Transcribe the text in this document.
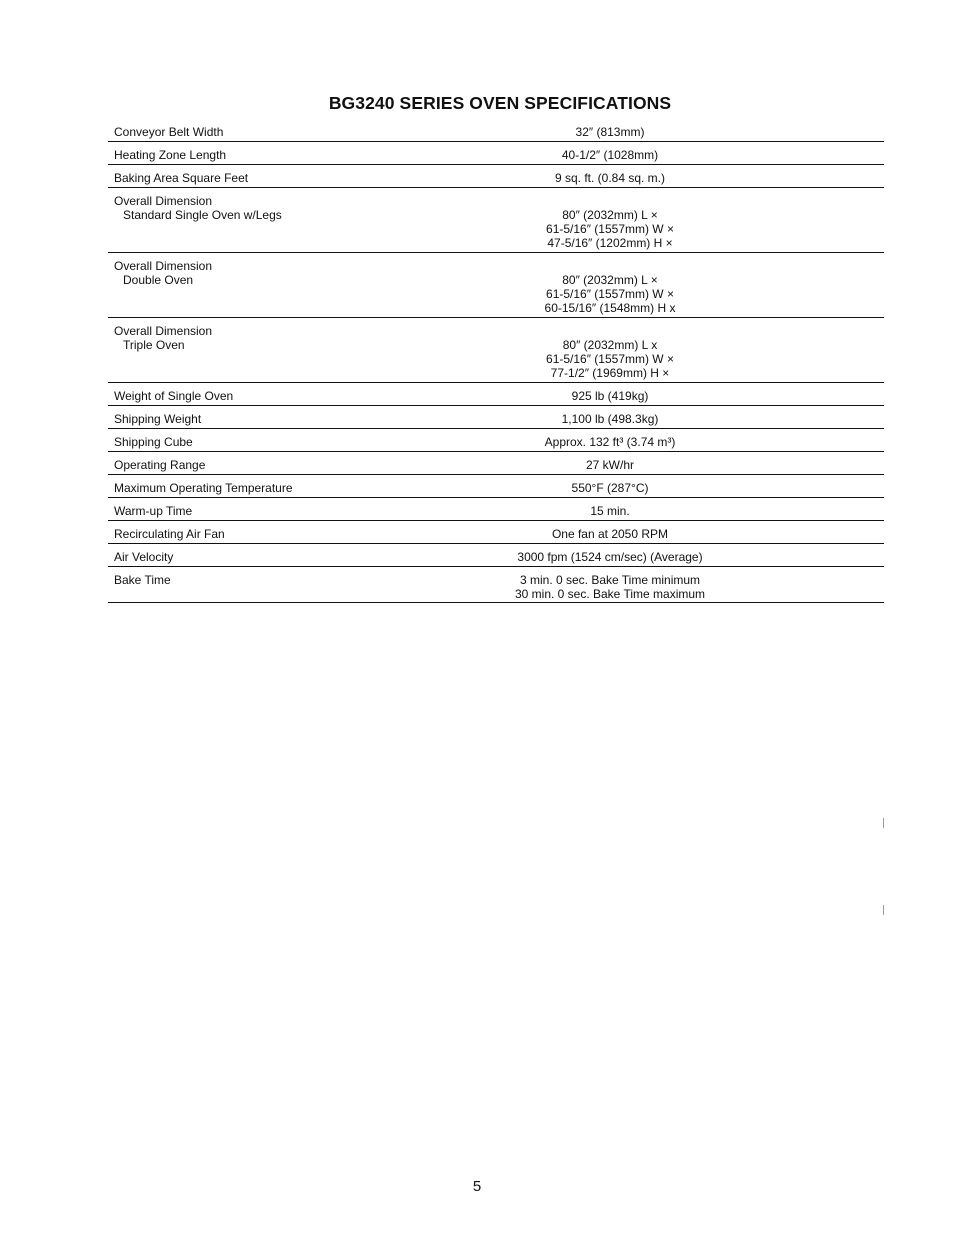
BG3240 SERIES OVEN SPECIFICATIONS
Conveyor Belt Width	32″ (813mm)
Heating Zone Length	40-1/2″ (1028mm)
Baking Area Square Feet	9 sq. ft. (0.84 sq. m.)
Overall Dimension
Standard Single Oven w/Legs	80″ (2032mm) L ×
61-5/16″ (1557mm) W ×
47-5/16″ (1202mm) H ×
Overall Dimension
Double Oven	80″ (2032mm) L ×
61-5/16″ (1557mm) W ×
60-15/16″ (1548mm) H x
Overall Dimension
Triple Oven	80″ (2032mm) L x
61-5/16″ (1557mm) W ×
77-1/2″ (1969mm) H ×
Weight of Single Oven	925 lb (419kg)
Shipping Weight	1,100 lb (498.3kg)
Shipping Cube	Approx. 132 ft³ (3.74 m³)
Operating Range	27 kW/hr
Maximum Operating Temperature	550°F (287°C)
Warm-up Time	15 min.
Recirculating Air Fan	One fan at 2050 RPM
Air Velocity	3000 fpm (1524 cm/sec) (Average)
Bake Time	3 min. 0 sec. Bake Time minimum
30 min. 0 sec. Bake Time maximum
5
